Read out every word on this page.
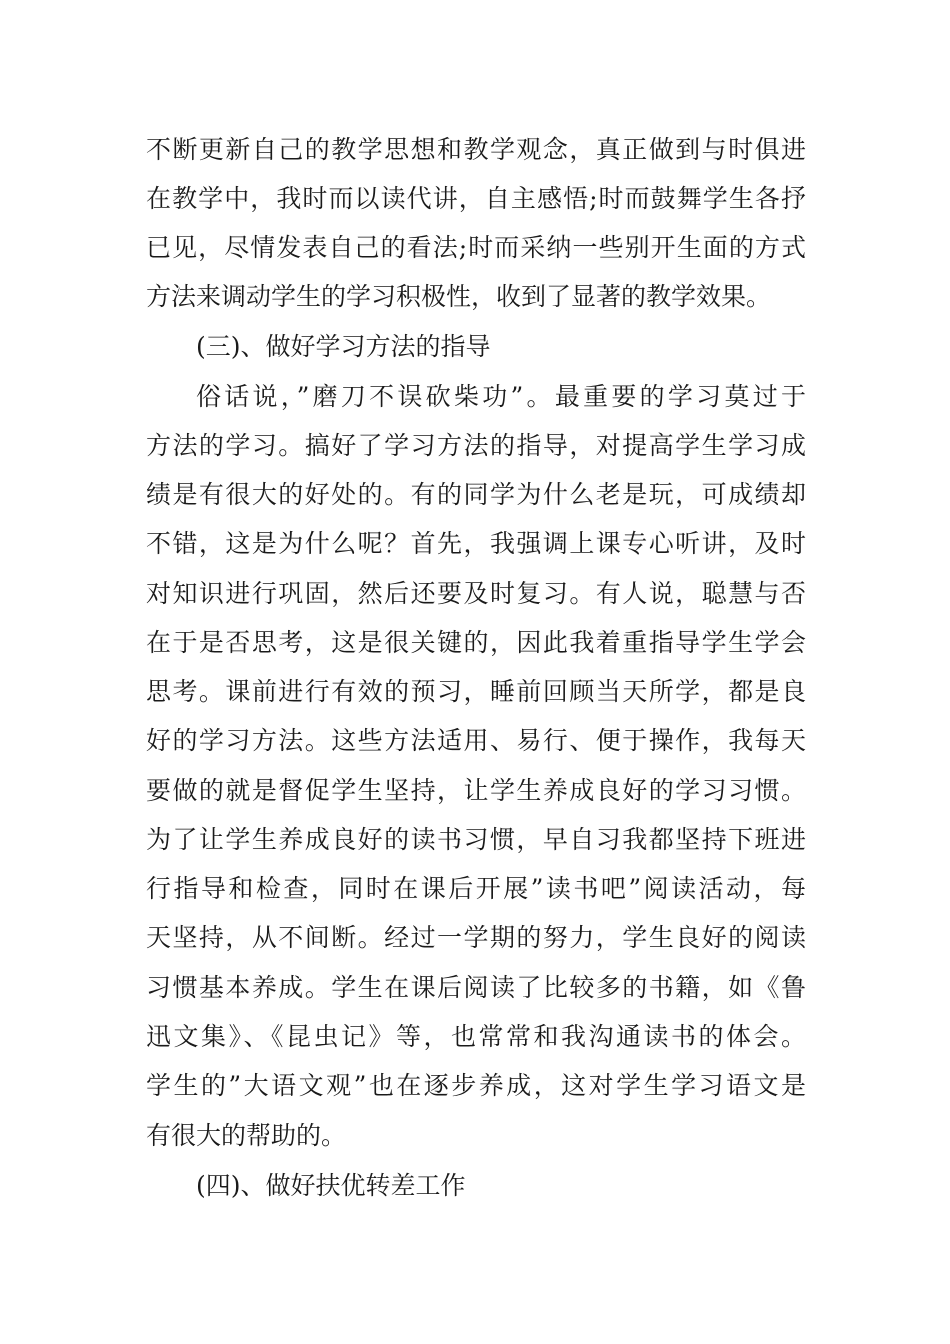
不断更新自己的教学思想和教学观念，真正做到与时俱进
在教学中，我时而以读代讲，自主感悟;时而鼓舞学生各抒
已见，尽情发表自己的看法;时而采纳一些别开生面的方式
方法来调动学生的学习积极性，收到了显著的教学效果。
(三)、做好学习方法的指导
俗话说，”磨刀不误砍柴功”。最重要的学习莫过于
方法的学习。搞好了学习方法的指导，对提高学生学习成
绩是有很大的好处的。有的同学为什么老是玩，可成绩却
不错，这是为什么呢？首先，我强调上课专心听讲，及时
对知识进行巩固，然后还要及时复习。有人说，聪慧与否
在于是否思考，这是很关键的，因此我着重指导学生学会
思考。课前进行有效的预习，睡前回顾当天所学，都是良
好的学习方法。这些方法适用、易行、便于操作，我每天
要做的就是督促学生坚持，让学生养成良好的学习习惯。
为了让学生养成良好的读书习惯，早自习我都坚持下班进
行指导和检查，同时在课后开展”读书吧”阅读活动，每
天坚持，从不间断。经过一学期的努力，学生良好的阅读
习惯基本养成。学生在课后阅读了比较多的书籍，如《鲁
迅文集》、《昆虫记》等，也常常和我沟通读书的体会。
学生的”大语文观”也在逐步养成，这对学生学习语文是
有很大的帮助的。
(四)、做好扶优转差工作
